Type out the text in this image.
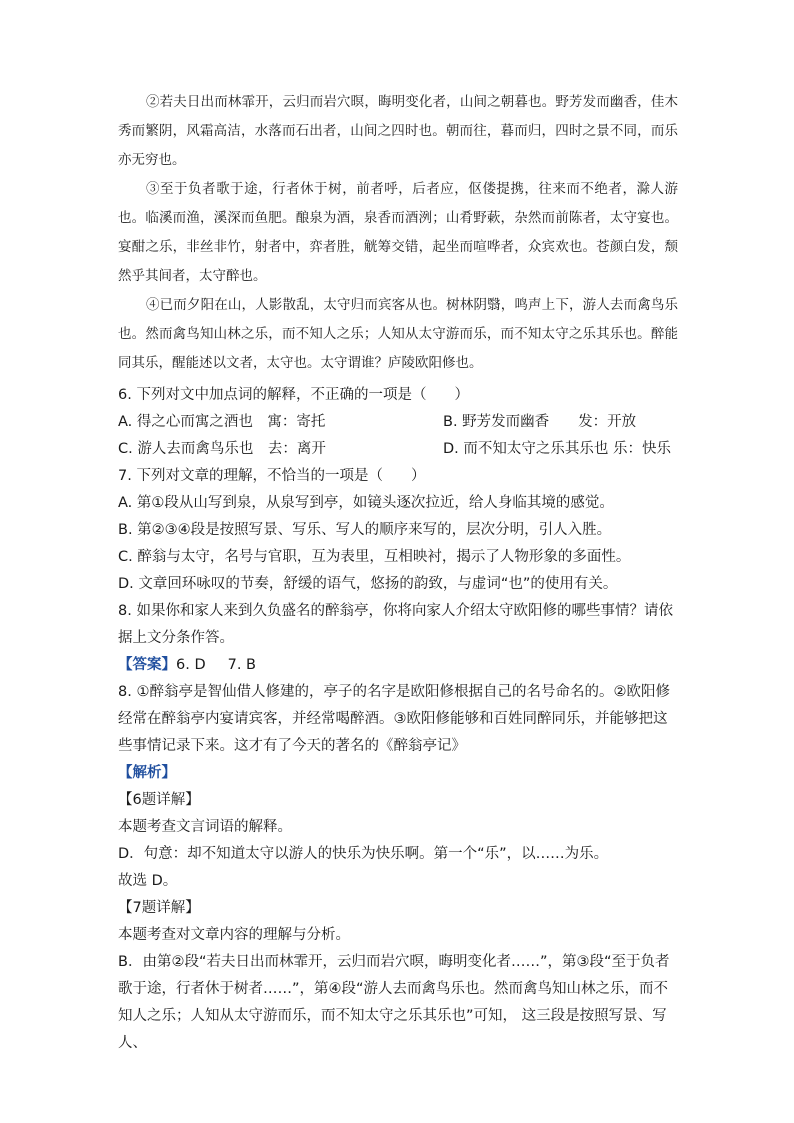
②若夫日出而林霏开，云归而岩穴暝，晦明变化者，山间之朝暮也。野芳发而幽香，佳木秀而繁阴，风霜高洁，水落而石出者，山间之四时也。朝而往，暮而归，四时之景不同，而乐亦无穷也。

③至于负者歌于途，行者休于树，前者呼，后者应，伛偻提携，往来而不绝者，滁人游也。临溪而渔，溪深而鱼肥。酿泉为酒，泉香而酒洌；山肴野蔌，杂然而前陈者，太守宴也。宴酣之乐，非丝非竹，射者中，弈者胜，觥筹交错，起坐而喧哗者，众宾欢也。苍颜白发，颓然乎其间者，太守醉也。

④已而夕阳在山，人影散乱，太守归而宾客从也。树林阴翳，鸣声上下，游人去而禽鸟乐也。然而禽鸟知山林之乐，而不知人之乐；人知从太守游而乐，而不知太守之乐其乐也。醉能同其乐，醒能述以文者，太守也。太守谓谁？庐陵欧阳修也。

6. 下列对文中加点词的解释，不正确的一项是（ ）

A. 得之心而寓之酒也　寓：寄托	B. 野芳发而幽香　　发：开放

C. 游人去而禽鸟乐也　去：离开	D. 而不知太守之乐其乐也 乐：快乐

7. 下列对文章的理解，不恰当的一项是（ ）

A. 第①段从山写到泉，从泉写到亭，如镜头逐次拉近，给人身临其境的感觉。

B. 第②③④段是按照写景、写乐、写人的顺序来写的，层次分明，引人入胜。

C. 醉翁与太守，名号与官职，互为表里，互相映衬，揭示了人物形象的多面性。

D. 文章回环咏叹的节奏，舒缓的语气，悠扬的韵致，与虚词“也”的使用有关。

8. 如果你和家人来到久负盛名的醉翁亭，你将向家人介绍太守欧阳修的哪些事情？请依据上文分条作答。

【答案】6. D 7. B

8. ①醉翁亭是智仙借人修建的，亭子的名字是欧阳修根据自己的名号命名的。②欧阳修经常在醉翁亭内宴请宾客，并经常喝醉酒。③欧阳修能够和百姓同醉同乐，并能够把这些事情记录下来。这才有了今天的著名的《醉翁亭记》

【解析】

【6题详解】

本题考查文言词语的解释。

D．句意：却不知道太守以游人的快乐为快乐啊。第一个“乐”，以……为乐。

故选 D。

【7题详解】

本题考查对文章内容的理解与分析。

B．由第②段“若夫日出而林霏开，云归而岩穴暝，晦明变化者……”，第③段“至于负者歌于途，行者休于树者……”，第④段“游人去而禽鸟乐也。然而禽鸟知山林之乐，而不知人之乐；人知从太守游而乐，而不知太守之乐其乐也”可知， 这三段是按照写景、写人、
